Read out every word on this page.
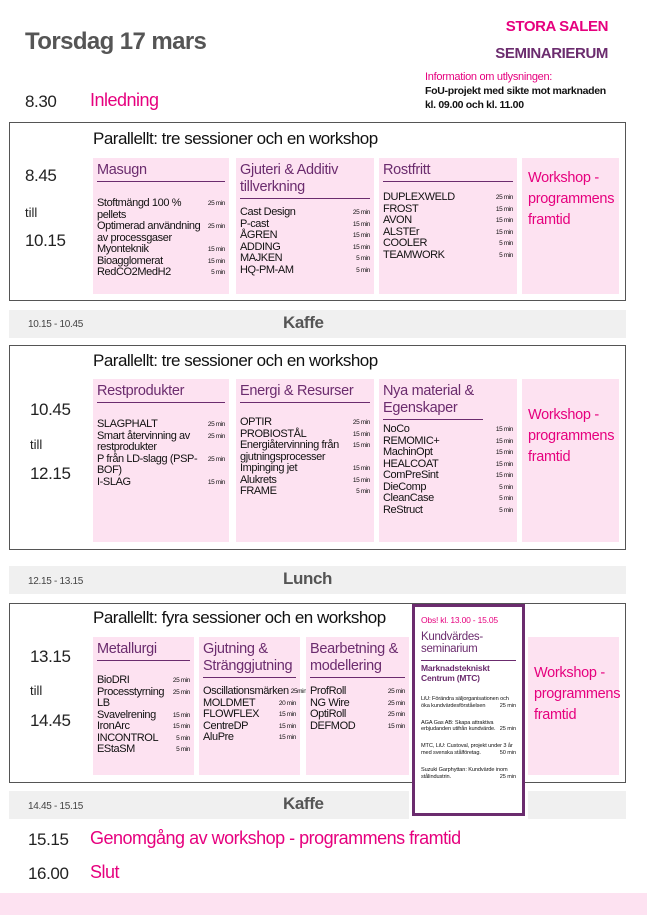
Torsdag 17 mars
STORA SALEN
SEMINARIERUM
Information om utlysningen:
FoU-projekt med sikte mot marknaden
kl. 09.00 och kl. 11.00
8.30 Inledning
Parallellt: tre sessioner och en workshop
8.45
till
10.15
Masugn
Stoftmängd 100 % pellets
25 min
Optimerad användning av processgaser
25 min
Myonteknik	15 min
Bioagglomerat	15 min
RedCO2MedH2	5 min
Gjuteri & Additiv tillverkning
Cast Design	25 min
P-cast	15 min
ÅGREN	15 min
ADDING	15 min
MAJKEN	5 min
HQ-PM-AM	5 min
Rostfritt
DUPLEXWELD	25 min
FROST	15 min
AVON	15 min
ALSTEr	15 min
COOLER	5 min
TEAMWORK	5 min
Workshop -
programmens
framtid
10.15 - 10.45	Kaffe
Parallellt: tre sessioner och en workshop
10.45
till
12.15
Restprodukter
SLAGPHALT	25 min
Smart återvinning av restprodukter
25 min
P från LD-slagg (PSP-BOF)
25 min
I-SLAG	15 min
Energi & Resurser
OPTIR	25 min
PROBIOSTÅL	15 min
Energiåtervinning från gjutningsprocesser
15 min
Impinging jet	15 min
Alukrets	15 min
FRAME	5 min
Nya material & Egenskaper
NoCo	15 min
REMOMIC+	15 min
MachinOpt	15 min
HEALCOAT	15 min
ComPreSint	15 min
DieComp	5 min
CleanCase	5 min
ReStruct	5 min
Workshop -
programmens
framtid
12.15 - 13.15	Lunch
Parallellt: fyra sessioner och en workshop
13.15
till
14.45
Metallurgi
BioDRI	25 min
Processtyrning LB
25 min
Svavelrening	15 min
IronArc	15 min
INCONTROL	5 min
EStaSM	5 min
Gjutning & Stränggjutning
Oscillationsmärken 25min
MOLDMET	20 min
FLOWFLEX	15 min
CentreDP	15 min
AluPre	15 min
Bearbetning & modellering
ProfRoll	25 min
NG Wire	25 min
OptiRoll	25 min
DEFMOD	15 min
Obs! kl. 13.00 - 15.05
Kundvärdes-
seminarium
Marknadstekniskt
Centrum (MTC)
LiU: Förändra säljorganisationen och
öka kundvärdesförståelsen	25 min
AGA Gas AB: Skapa attraktiva
erbjudanden utifrån kundvärde. 25 min
MTC, LiU: Custoval, projekt under 3 år
med svenska stålföretag.	50 min
Suzuki Garphyttan: Kundvärde inom
stålindustrin.	25 min
Workshop -
programmens
framtid
14.45 - 15.15	Kaffe
15.15 Genomgång av workshop - programmens framtid
16.00 Slut
